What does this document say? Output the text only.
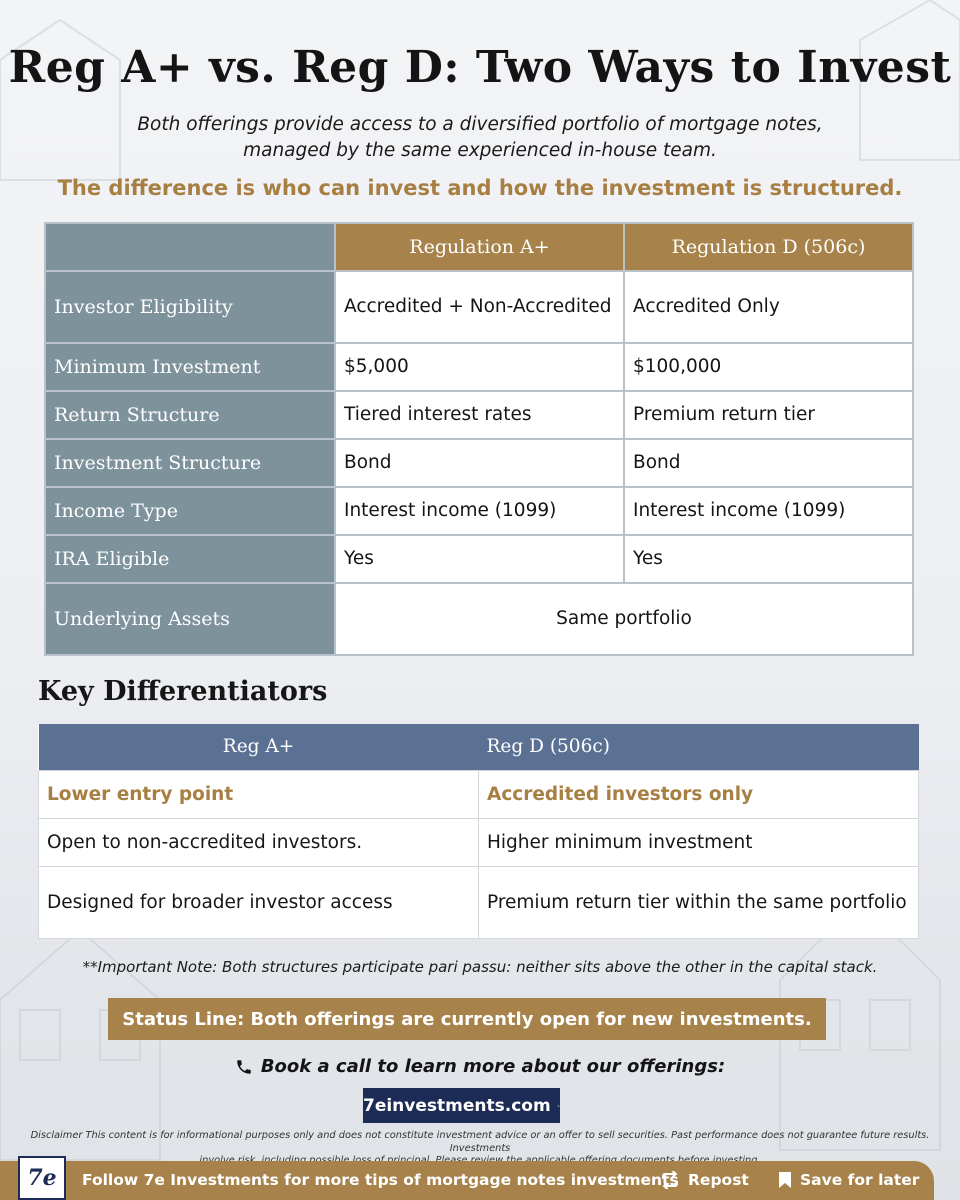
Reg A+ vs. Reg D: Two Ways to Invest
Both offerings provide access to a diversified portfolio of mortgage notes,
managed by the same experienced in-house team.
The difference is who can invest and how the investment is structured.
	Regulation A+	Regulation D (506c)
Investor Eligibility	Accredited + Non-Accredited	Accredited Only
Minimum Investment	$5,000	$100,000
Return Structure	Tiered interest rates	Premium return tier
Investment Structure	Bond	Bond
Income Type	Interest income (1099)	Interest income (1099)
IRA Eligible	Yes	Yes
Underlying Assets	Same portfolio	
Key Differentiators
Reg A+	Reg D (506c)
Lower entry point	Accredited investors only
Open to non-accredited investors.	Higher minimum investment
Designed for broader investor access	Premium return tier within the same portfolio
**Important Note: Both structures participate pari passu: neither sits above the other in the capital stack.
Status Line: Both offerings are currently open for new investments.
Book a call to learn more about our offerings:
7einvestments.com
Disclaimer This content is for informational purposes only and does not constitute investment advice or an offer to sell securities. Past performance does not guarantee future results. Investments
Follow 7e Investments for more tips of mortgage notes investments Repost	Save for later
7e
